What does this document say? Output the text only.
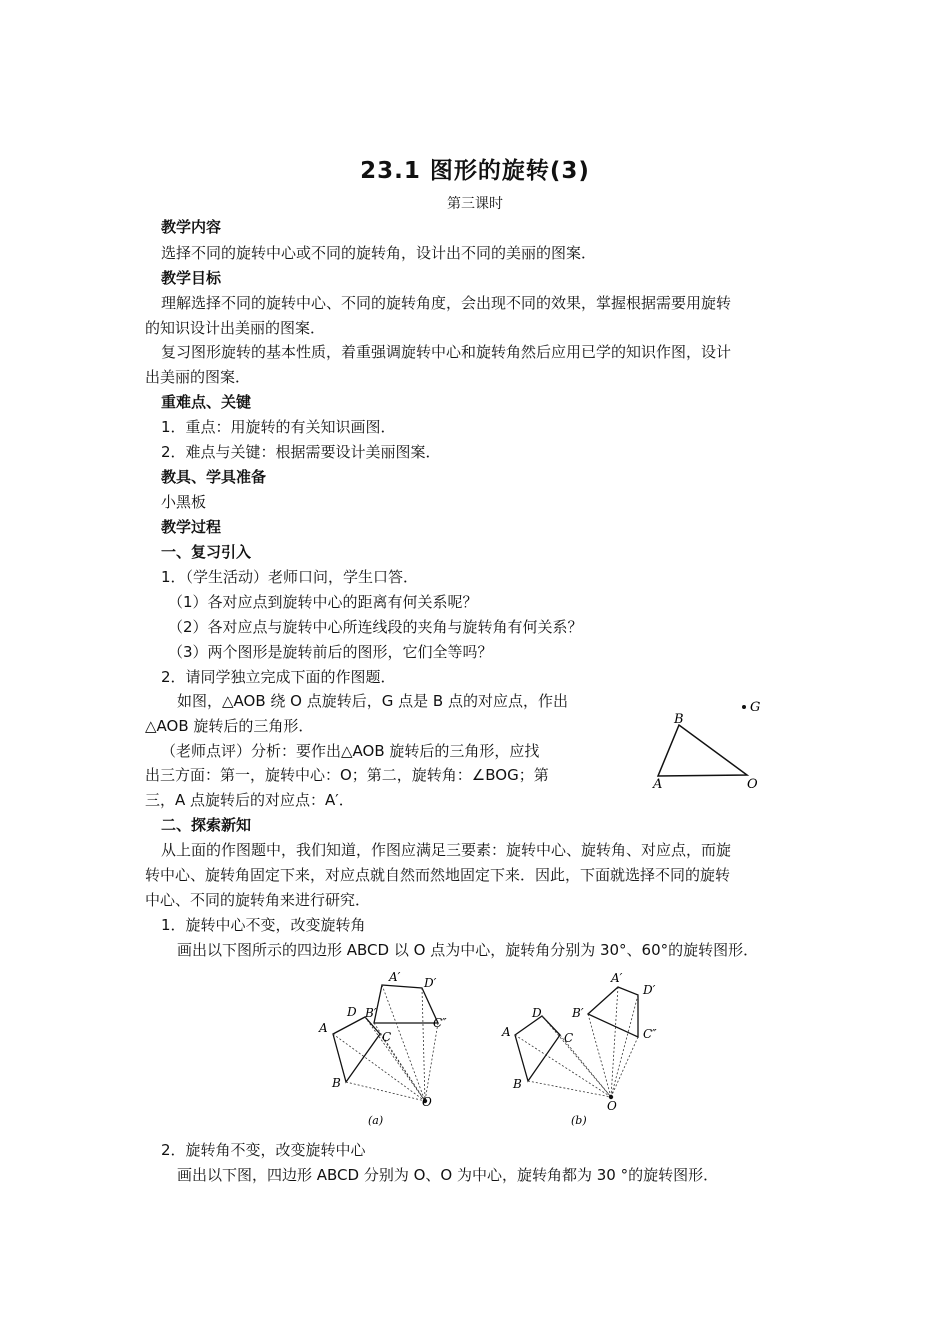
23.1 图形的旋转(3)
第三课时
教学内容
选择不同的旋转中心或不同的旋转角，设计出不同的美丽的图案．
教学目标
理解选择不同的旋转中心、不同的旋转角度，会出现不同的效果，掌握根据需要用旋转
的知识设计出美丽的图案．
复习图形旋转的基本性质，着重强调旋转中心和旋转角然后应用已学的知识作图，设计
出美丽的图案．
重难点、关键
1．重点：用旋转的有关知识画图．
2．难点与关键：根据需要设计美丽图案．
教具、学具准备
小黑板
教学过程
一、复习引入
1．（学生活动）老师口问，学生口答．
（1）各对应点到旋转中心的距离有何关系呢？
（2）各对应点与旋转中心所连线段的夹角与旋转角有何关系？
（3）两个图形是旋转前后的图形，它们全等吗？
2．请同学独立完成下面的作图题．
如图，△AOB 绕 O 点旋转后，G 点是 B 点的对应点，作出
△AOB 旋转后的三角形．
（老师点评）分析：要作出△AOB 旋转后的三角形，应找
出三方面：第一，旋转中心：O；第二，旋转角：∠BOG；第
三，A 点旋转后的对应点：A′．
B
G
A	O
二、探索新知
从上面的作图题中，我们知道，作图应满足三要素：旋转中心、旋转角、对应点，而旋
转中心、旋转角固定下来，对应点就自然而然地固定下来．因此，下面就选择不同的旋转
中心、不同的旋转角来进行研究．
1．旋转中心不变，改变旋转角
画出以下图所示的四边形 ABCD 以 O 点为中心，旋转角分别为 30°、60°的旋转图形．
A
B
C
D
O
A′
B′
C″
D′
(a)
A
B
C
D
O
A′
B′
C″
D′
(b)
2．旋转角不变，改变旋转中心
画出以下图，四边形 ABCD 分别为 O、O 为中心，旋转角都为 30 °的旋转图形．
